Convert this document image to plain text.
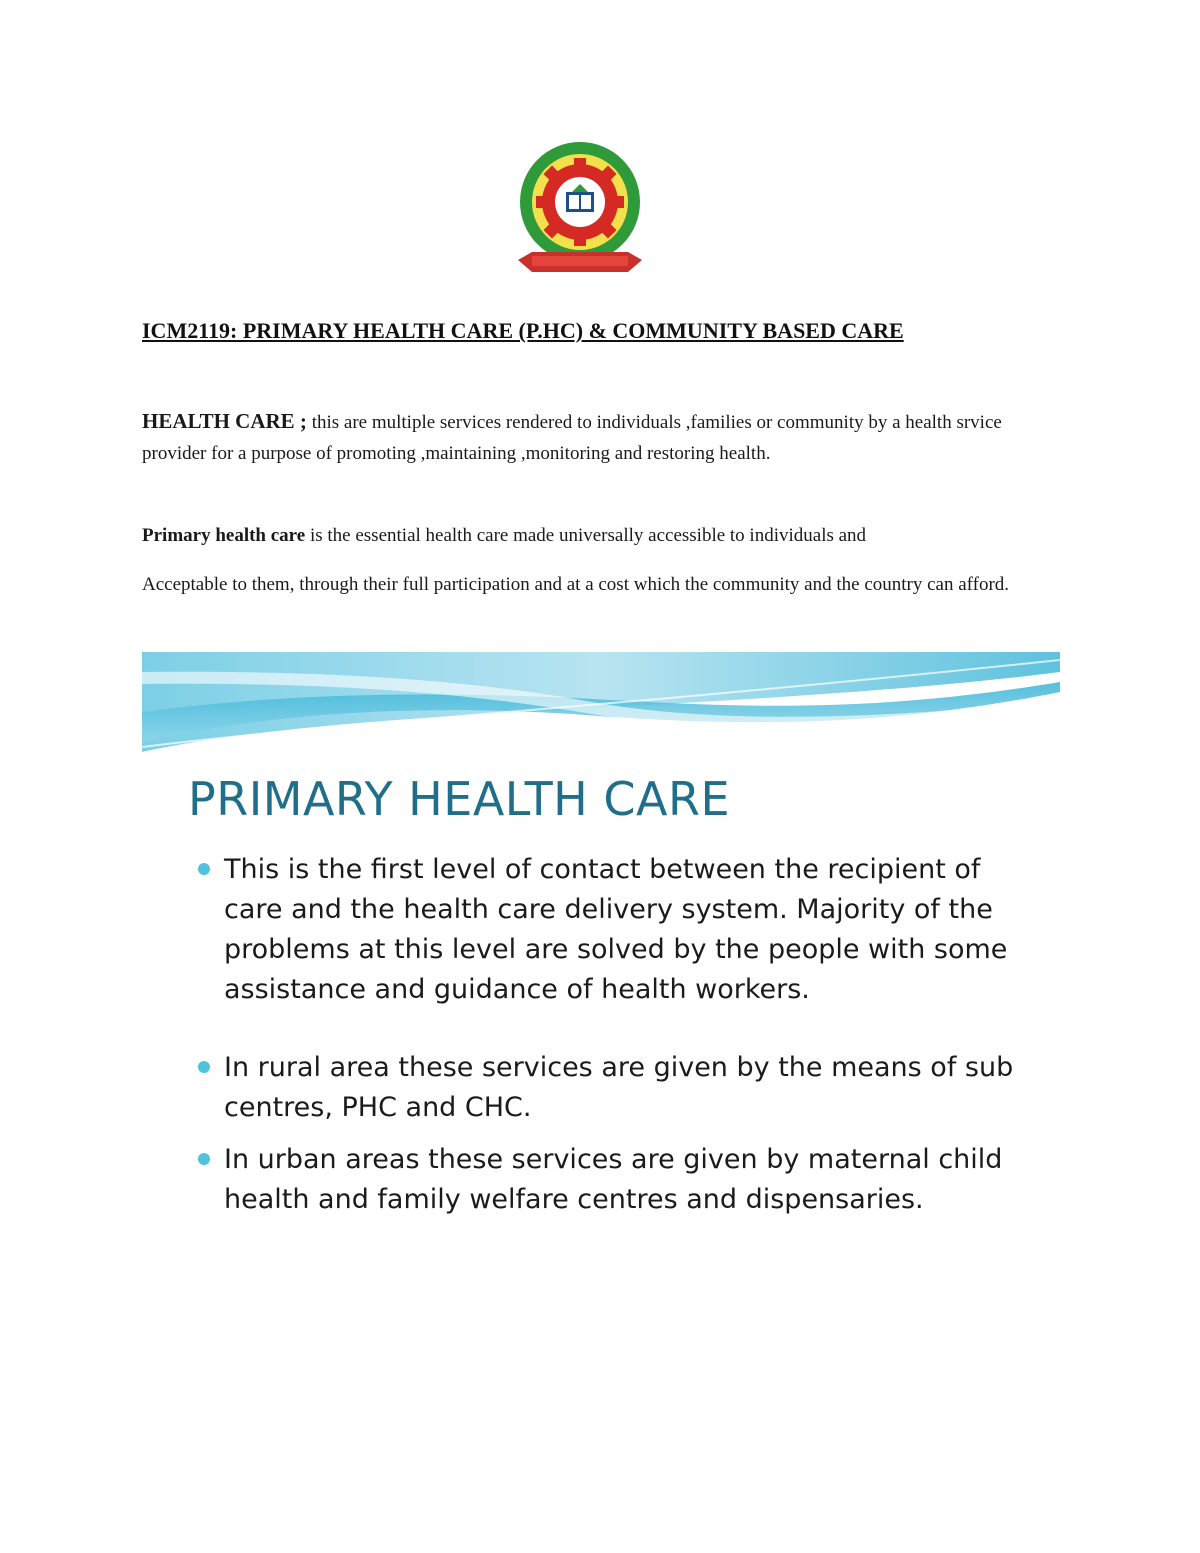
ICM2119: PRIMARY HEALTH CARE (P.HC) & COMMUNITY BASED CARE

HEALTH CARE ; this are multiple services rendered to individuals ,families or community by a health srvice provider for a purpose of promoting ,maintaining ,monitoring and restoring health.

Primary health care is the essential health care made universally accessible to individuals and

Acceptable to them, through their full participation and at a cost which the community and the country can afford.

PRIMARY HEALTH CARE
This is the first level of contact between the recipient of care and the health care delivery system. Majority of the problems at this level are solved by the people with some assistance and guidance of health workers.
In rural area these services are given by the means of sub centres, PHC and CHC.
In urban areas these services are given by maternal child health and family welfare centres and dispensaries.
